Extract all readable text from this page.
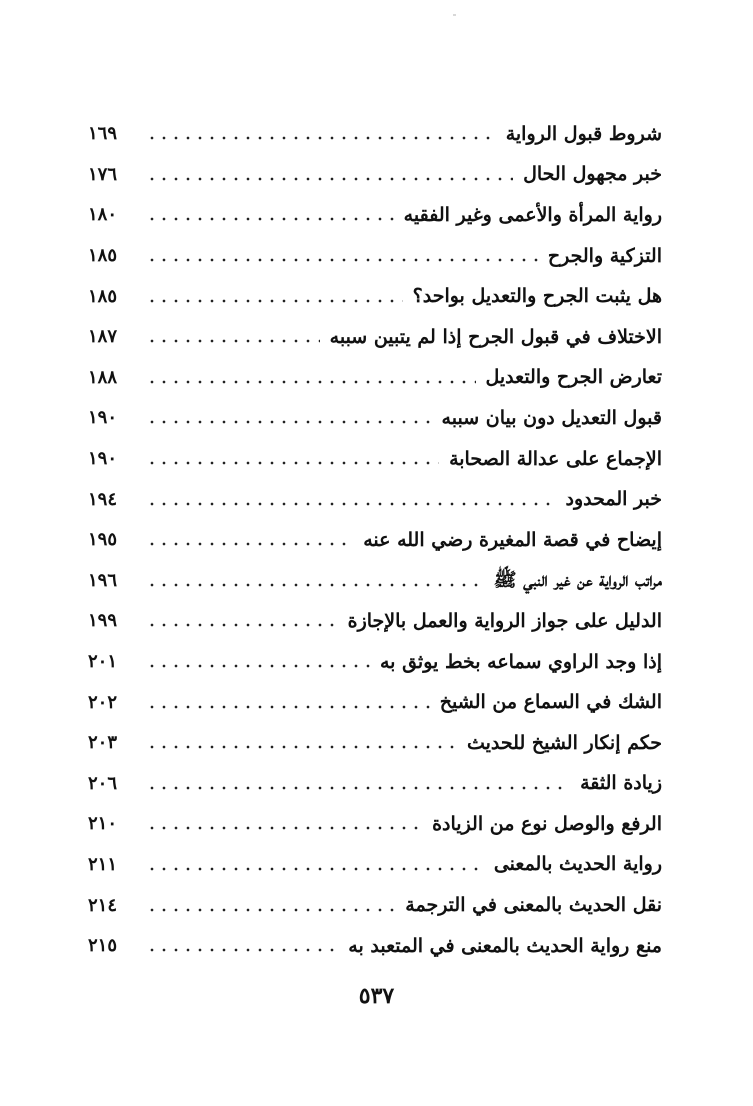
شروط قبول الرواية
١٦٩
خبر مجهول الحال
١٧٦
رواية المرأة والأعمى وغير الفقيه
١٨٠
التزكية والجرح
١٨٥
هل يثبت الجرح والتعديل بواحد؟
١٨٥
الاختلاف في قبول الجرح إذا لم يتبين سببه
١٨٧
تعارض الجرح والتعديل
١٨٨
قبول التعديل دون بيان سببه
١٩٠
الإجماع على عدالة الصحابة
١٩٠
خبر المحدود
١٩٤
إيضاح في قصة المغيرة رضي الله عنه
١٩٥
مراتب الرواية عن غير النبي ﷺ
١٩٦
الدليل على جواز الرواية والعمل بالإجازة
١٩٩
إذا وجد الراوي سماعه بخط يوثق به
٢٠١
الشك في السماع من الشيخ
٢٠٢
حكم إنكار الشيخ للحديث
٢٠٣
زيادة الثقة
٢٠٦
الرفع والوصل نوع من الزيادة
٢١٠
رواية الحديث بالمعنى
٢١١
نقل الحديث بالمعنى في الترجمة
٢١٤
منع رواية الحديث بالمعنى في المتعبد به
٢١٥
٥٣٧
